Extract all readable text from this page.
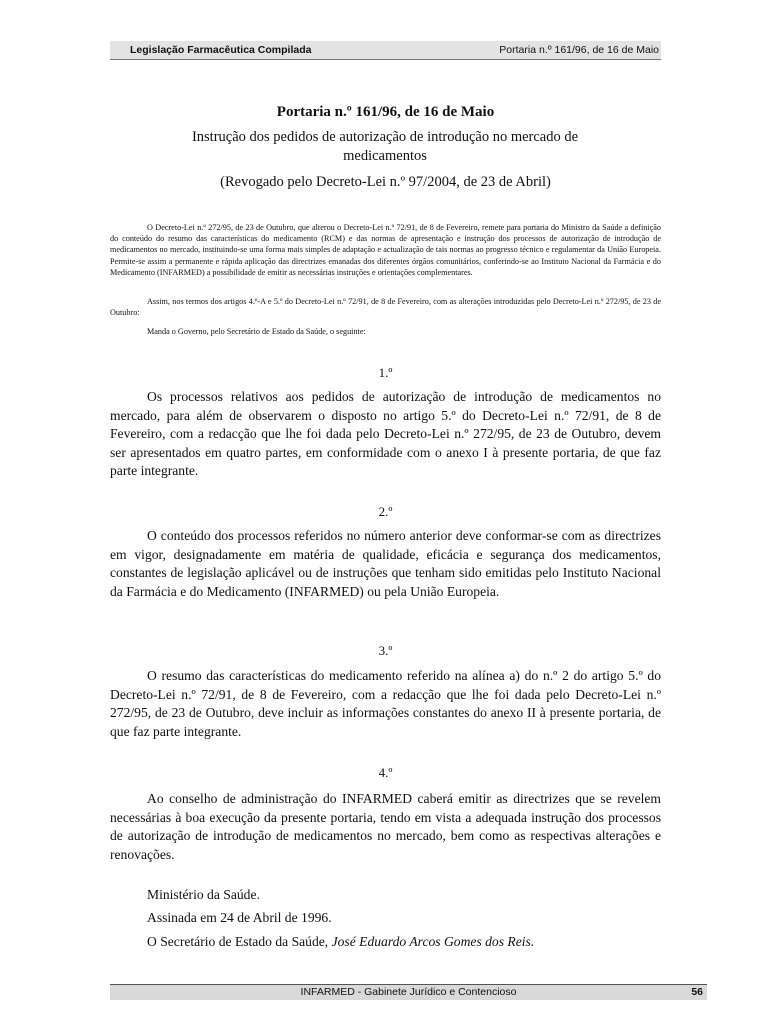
Legislação Farmacêutica Compilada	Portaria n.º 161/96, de 16 de Maio
Portaria n.º 161/96, de 16 de Maio
Instrução dos pedidos de autorização de introdução no mercado de medicamentos
(Revogado pelo Decreto-Lei n.º 97/2004, de 23 de Abril)

O Decreto-Lei n.º 272/95, de 23 de Outubro, que alterou o Decreto-Lei n.º 72/91, de 8 de Fevereiro, remete para portaria do Ministro da Saúde a definição do conteúdo do resumo das características do medicamento (RCM) e das normas de apresentação e instrução dos processos de autorização de introdução de medicamentos no mercado, instituindo-se uma forma mais simples de adaptação e actualização de tais normas ao progresso técnico e regulamentar da União Europeia. Permite-se assim a permanente e rápida aplicação das directrizes emanadas dos diferentes órgãos comunitários, conferindo-se ao Instituto Nacional da Farmácia e do Medicamento (INFARMED) a possibilidade de emitir as necessárias instruções e orientações complementares.

Assim, nos termos dos artigos 4.º-A e 5.º do Decreto-Lei n.º 72/91, de 8 de Fevereiro, com as alterações introduzidas pelo Decreto-Lei n.º 272/95, de 23 de Outubro:

Manda o Governo, pelo Secretário de Estado da Saúde, o seguinte:

1.º

Os processos relativos aos pedidos de autorização de introdução de medicamentos no mercado, para além de observarem o disposto no artigo 5.º do Decreto-Lei n.º 72/91, de 8 de Fevereiro, com a redacção que lhe foi dada pelo Decreto-Lei n.º 272/95, de 23 de Outubro, devem ser apresentados em quatro partes, em conformidade com o anexo I à presente portaria, de que faz parte integrante.

2.º

O conteúdo dos processos referidos no número anterior deve conformar-se com as directrizes em vigor, designadamente em matéria de qualidade, eficácia e segurança dos medicamentos, constantes de legislação aplicável ou de instruções que tenham sido emitidas pelo Instituto Nacional da Farmácia e do Medicamento (INFARMED) ou pela União Europeia.

3.º

O resumo das características do medicamento referido na alínea a) do n.º 2 do artigo 5.º do Decreto-Lei n.º 72/91, de 8 de Fevereiro, com a redacção que lhe foi dada pelo Decreto-Lei n.º 272/95, de 23 de Outubro, deve incluir as informações constantes do anexo II à presente portaria, de que faz parte integrante.

4.º

Ao conselho de administração do INFARMED caberá emitir as directrizes que se revelem necessárias à boa execução da presente portaria, tendo em vista a adequada instrução dos processos de autorização de introdução de medicamentos no mercado, bem como as respectivas alterações e renovações.

Ministério da Saúde.
Assinada em 24 de Abril de 1996.
O Secretário de Estado da Saúde, José Eduardo Arcos Gomes dos Reis.
INFARMED - Gabinete Jurídico e Contencioso	56
